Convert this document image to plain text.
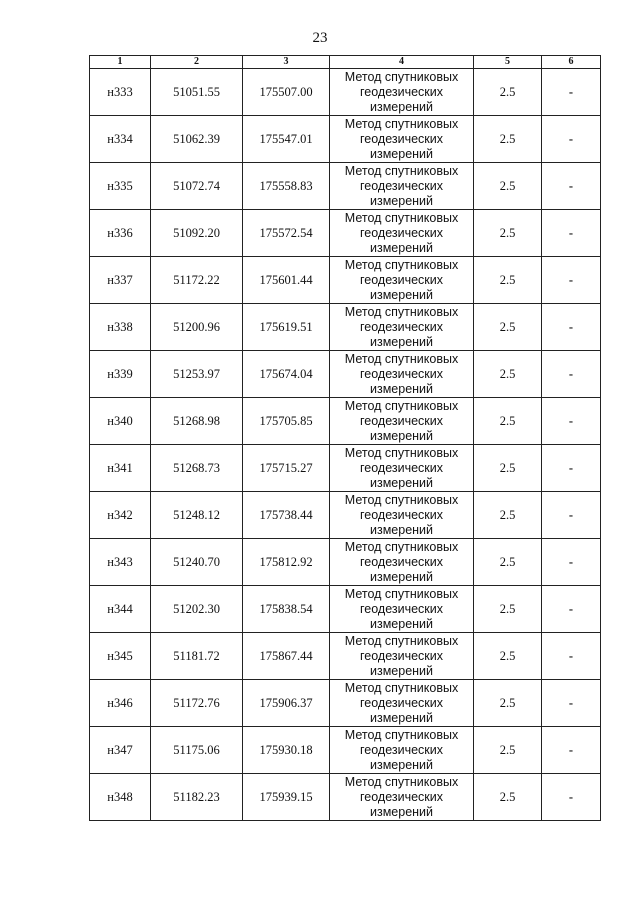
23
1	2	3	4	5	6
н333	51051.55	175507.00	Метод спутниковых
геодезических
измерений	2.5	-
н334	51062.39	175547.01	Метод спутниковых
геодезических
измерений	2.5	-
н335	51072.74	175558.83	Метод спутниковых
геодезических
измерений	2.5	-
н336	51092.20	175572.54	Метод спутниковых
геодезических
измерений	2.5	-
н337	51172.22	175601.44	Метод спутниковых
геодезических
измерений	2.5	-
н338	51200.96	175619.51	Метод спутниковых
геодезических
измерений	2.5	-
н339	51253.97	175674.04	Метод спутниковых
геодезических
измерений	2.5	-
н340	51268.98	175705.85	Метод спутниковых
геодезических
измерений	2.5	-
н341	51268.73	175715.27	Метод спутниковых
геодезических
измерений	2.5	-
н342	51248.12	175738.44	Метод спутниковых
геодезических
измерений	2.5	-
н343	51240.70	175812.92	Метод спутниковых
геодезических
измерений	2.5	-
н344	51202.30	175838.54	Метод спутниковых
геодезических
измерений	2.5	-
н345	51181.72	175867.44	Метод спутниковых
геодезических
измерений	2.5	-
н346	51172.76	175906.37	Метод спутниковых
геодезических
измерений	2.5	-
н347	51175.06	175930.18	Метод спутниковых
геодезических
измерений	2.5	-
н348	51182.23	175939.15	Метод спутниковых
геодезических
измерений	2.5	-
